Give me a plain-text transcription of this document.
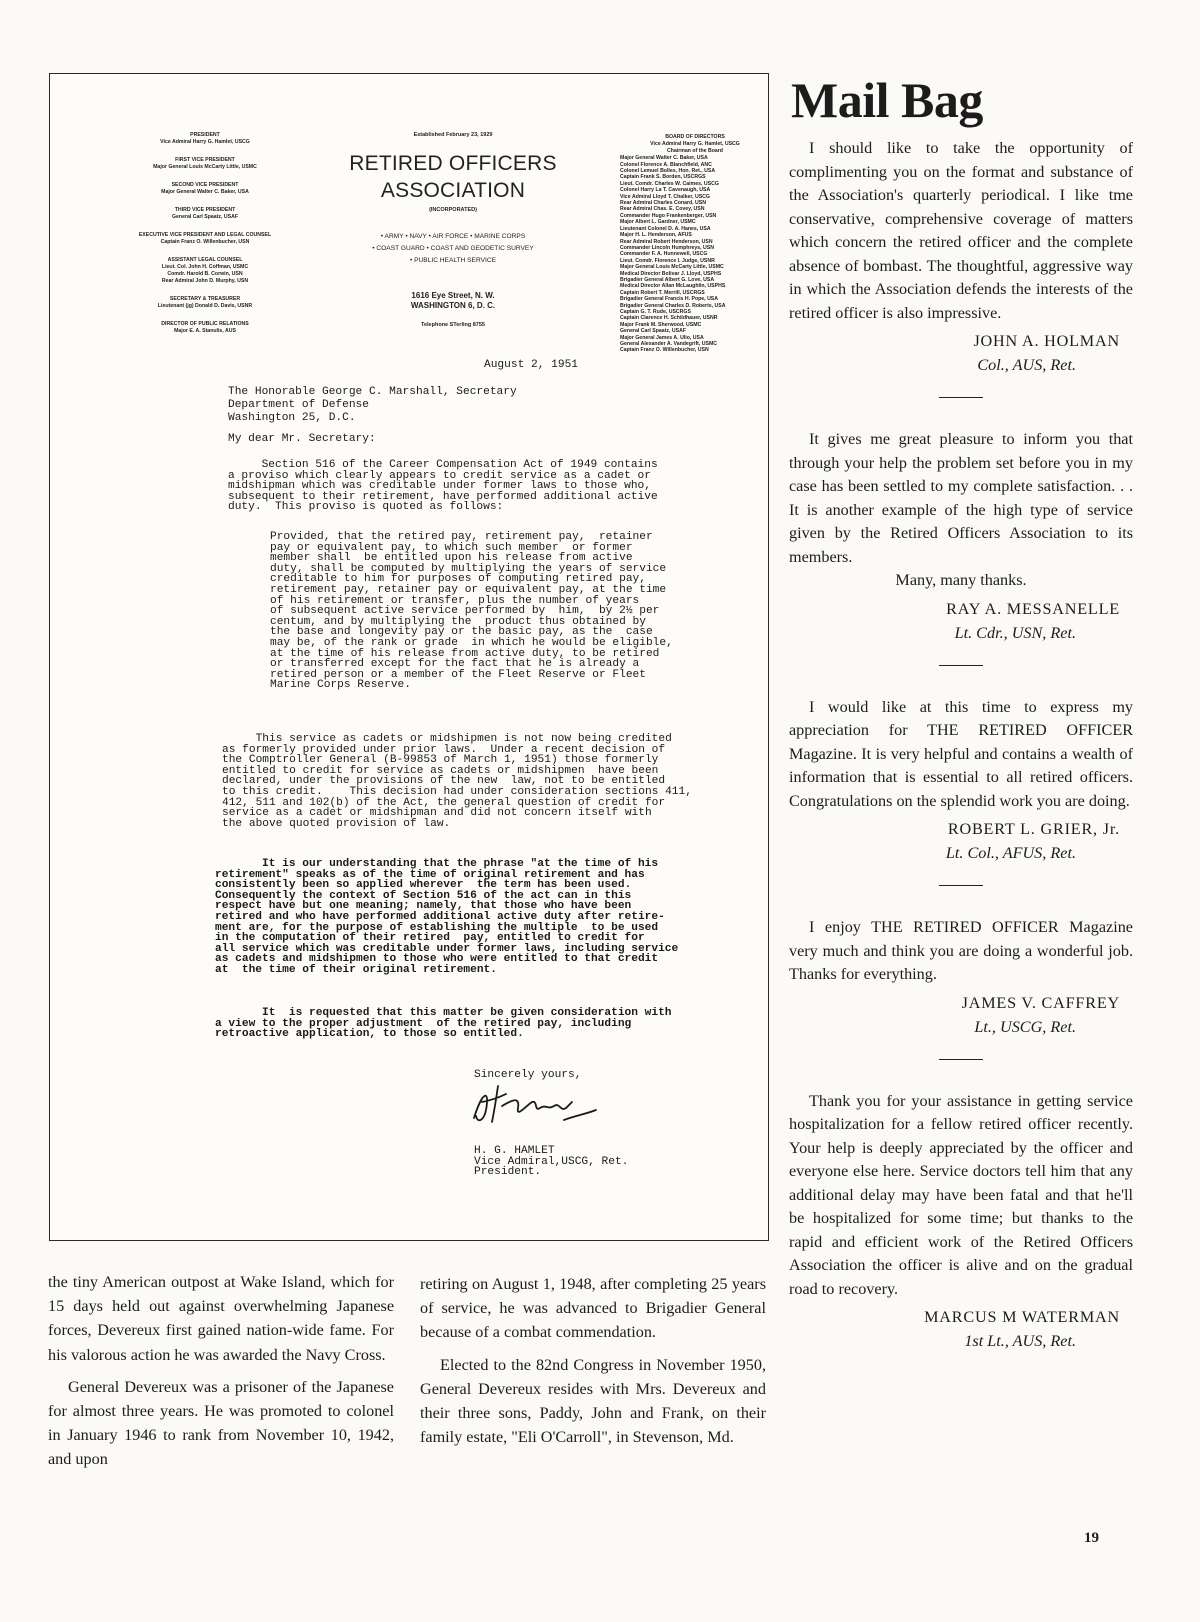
PRESIDENT
Vice Admiral Harry G. Hamlet, USCG
FIRST VICE PRESIDENT
Major General Louis McCarty Little, USMC
SECOND VICE PRESIDENT
Major General Walter C. Baker, USA
THIRD VICE PRESIDENT
General Carl Spaatz, USAF
EXECUTIVE VICE PRESIDENT AND LEGAL COUNSEL
Captain Franz O. Willenbucher, USN
ASSISTANT LEGAL COUNSEL
Lieut. Col. John H. Coffman, USMC
Comdr. Harold B. Corwin, USN
Rear Admiral John D. Murphy, USN
SECRETARY & TREASURER
Lieutenant (jg) Donald D. Davis, USNR
DIRECTOR OF PUBLIC RELATIONS
Major E. A. Stanulis, AUS
Established February 23, 1929
RETIRED OFFICERS
ASSOCIATION
(INCORPORATED)
• ARMY • NAVY • AIR FORCE • MARINE CORPS
• COAST GUARD • COAST AND GEODETIC SURVEY
• PUBLIC HEALTH SERVICE
1616 Eye Street, N. W.
WASHINGTON 6, D. C.
Telephone STerling 8755
BOARD OF DIRECTORS
Vice Admiral Harry G. Hamlet, USCG
Chairman of the Board
Major General Walter C. Baker, USA
Colonel Florence A. Blanchfield, ANC
Colonel Lemuel Bolles, Hon. Ret., USA
Captain Frank S. Borden, USCRGS
Lieut. Comdr. Charles W. Caimes, USCG
Colonel Harry La T. Cavenaugh, USA
Vice Admiral Lloyd T. Chalker, USCG
Rear Admiral Charles Conard, USN
Rear Admiral Chas. E. Covey, USN
Commander Hugo Frankenberger, USN
Major Albert L. Gardner, USMC
Lieutenant Colonel D. A. Hanes, USA
Major H. L. Henderson, AFUS
Rear Admiral Robert Henderson, USN
Commander Lincoln Humphreys, USN
Commander F. A. Hunnewell, USCG
Lieut. Comdr. Florence I. Judge, USNR
Major General Louis McCarty Little, USMC
Medical Director Bolivar J. Lloyd, USPHS
Brigadier General Albert G. Love, USA
Medical Director Allan McLaughlin, USPHS
Captain Robert T. Merrill, USCRGS
Brigadier General Francis H. Pope, USA
Brigadier General Charles D. Roberts, USA
Captain G. T. Rude, USCRGS
Captain Clarence H. Schildhauer, USNR
Major Frank M. Sherwood, USMC
General Carl Spaatz, USAF
Major General James A. Ulio, USA
General Alexander A. Vandegrift, USMC
Captain Franz O. Willenbucher, USN
August 2, 1951
The Honorable George C. Marshall, Secretary
Department of Defense
Washington 25, D.C.
My dear Mr. Secretary:
Section 516 of the Career Compensation Act of 1949 contains
a proviso which clearly appears to credit service as a cadet or
midshipman which was creditable under former laws to those who,
subsequent to their retirement, have performed additional active
duty.  This proviso is quoted as follows:
Provided, that the retired pay, retirement pay,  retainer
pay or equivalent pay, to which such member  or former
member shall  be entitled upon his release from active
duty, shall be computed by multiplying the years of service
creditable to him for purposes of computing retired pay,
retirement pay, retainer pay or equivalent pay, at the time
of his retirement or transfer, plus the number of years
of subsequent active service performed by  him,  by 2½ per
centum, and by multiplying the  product thus obtained by
the base and longevity pay or the basic pay, as the  case
may be, of the rank or grade  in which he would be eligible,
at the time of his release from active duty, to be retired
or transferred except for the fact that he is already a
retired person or a member of the Fleet Reserve or Fleet
Marine Corps Reserve.
This service as cadets or midshipmen is not now being credited
as formerly provided under prior laws.  Under a recent decision of
the Comptroller General (B-99853 of March 1, 1951) those formerly
entitled to credit for service as cadets or midshipmen  have been
declared, under the provisions of the new  law, not to be entitled
to this credit.    This decision had under consideration sections 411,
412, 511 and 102(b) of the Act, the general question of credit for
service as a cadet or midshipman and did not concern itself with
the above quoted provision of law.
It is our understanding that the phrase "at the time of his
retirement" speaks as of the time of original retirement and has
consistently been so applied wherever  the term has been used.
Consequently the context of Section 516 of the act can in this
respect have but one meaning; namely, that those who have been
retired and who have performed additional active duty after retire-
ment are, for the purpose of establishing the multiple  to be used
in the computation of their retired  pay, entitled to credit for
all service which was creditable under former laws, including service
as cadets and midshipmen to those who were entitled to that credit
at  the time of their original retirement.
It  is requested that this matter be given consideration with
a view to the proper adjustment  of the retired pay, including
retroactive application, to those so entitled.
Sincerely yours,
H. G. HAMLET
Vice Admiral,USCG, Ret.
President.

the tiny American outpost at Wake Island, which for 15 days held out against overwhelming Japanese forces, Devereux first gained nation-wide fame. For his valorous action he was awarded the Navy Cross.

General Devereux was a prisoner of the Japanese for almost three years. He was promoted to colonel in January 1946 to rank from November 10, 1942, and upon

retiring on August 1, 1948, after completing 25 years of service, he was advanced to Brigadier General because of a combat commendation.

Elected to the 82nd Congress in November 1950, General Devereux resides with Mrs. Devereux and their three sons, Paddy, John and Frank, on their family estate, "Eli O'Carroll", in Stevenson, Md.

Mail Bag

I should like to take the opportunity of complimenting you on the format and substance of the Association's quarterly periodical. I like tme conservative, comprehensive coverage of matters which concern the retired officer and the complete absence of bombast. The thoughtful, aggressive way in which the Association defends the interests of the retired officer is also impressive.

JOHN A. HOLMAN
Col., AUS, Ret.

It gives me great pleasure to inform you that through your help the problem set before you in my case has been settled to my complete satisfaction. . . It is another example of the high type of service given by the Retired Officers Association to its members.

Many, many thanks.

RAY A. MESSANELLE
Lt. Cdr., USN, Ret.

I would like at this time to express my appreciation for THE RETIRED OFFICER Magazine. It is very helpful and contains a wealth of information that is essential to all retired officers. Congratulations on the splendid work you are doing.

ROBERT L. GRIER, Jr.
Lt. Col., AFUS, Ret.

I enjoy THE RETIRED OFFICER Magazine very much and think you are doing a wonderful job. Thanks for everything.

JAMES V. CAFFREY
Lt., USCG, Ret.

Thank you for your assistance in getting service hospitalization for a fellow retired officer recently. Your help is deeply appreciated by the officer and everyone else here. Service doctors tell him that any additional delay may have been fatal and that he'll be hospitalized for some time; but thanks to the rapid and efficient work of the Retired Officers Association the officer is alive and on the gradual road to recovery.

MARCUS M WATERMAN
1st Lt., AUS, Ret.
19
